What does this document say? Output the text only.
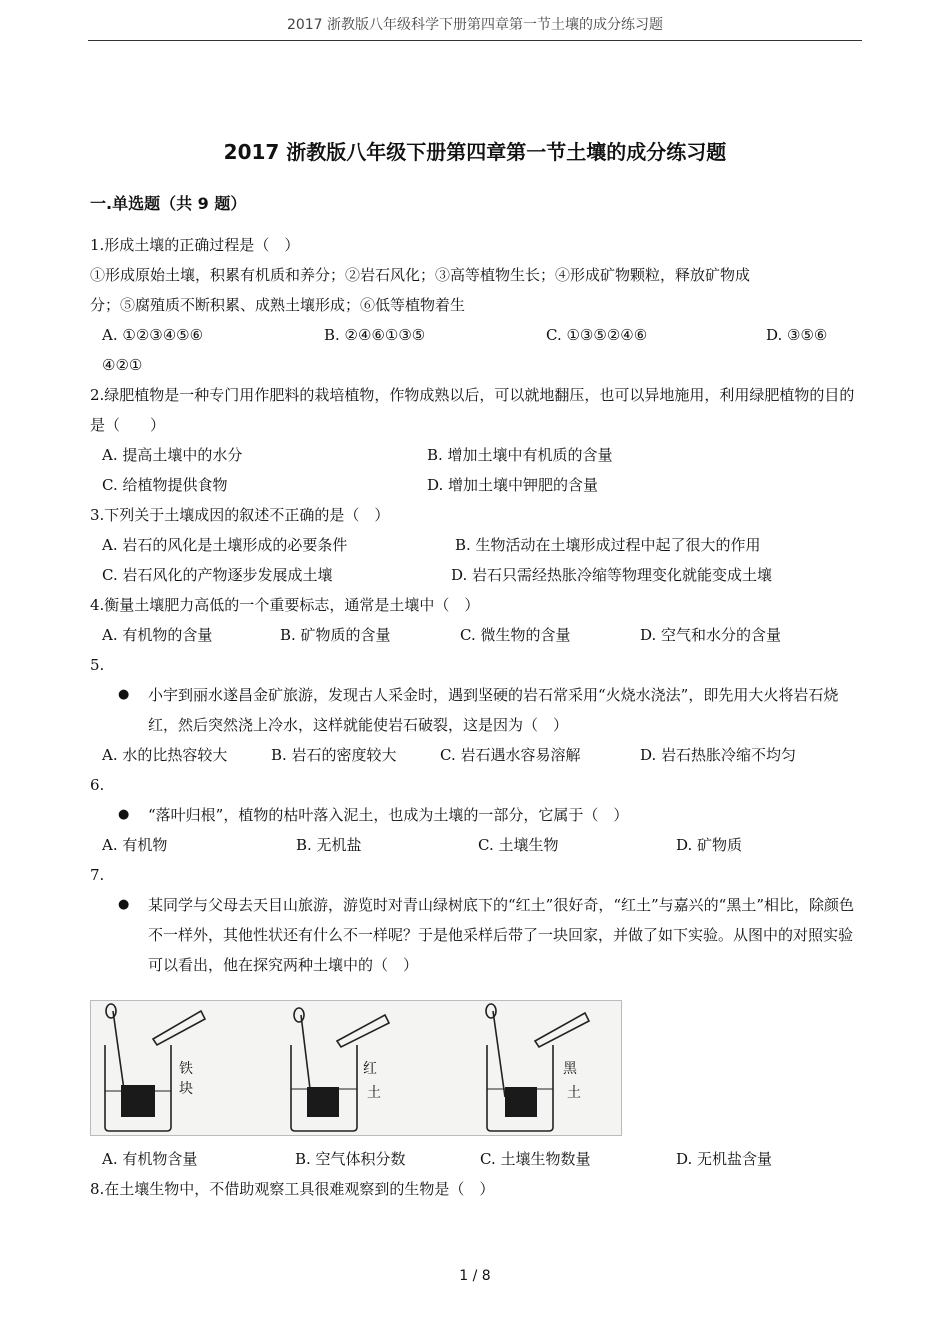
2017 浙教版八年级科学下册第四章第一节土壤的成分练习题
2017 浙教版八年级下册第四章第一节土壤的成分练习题
一.单选题（共 9 题）
1.形成土壤的正确过程是（　）
①形成原始土壤，积累有机质和养分；②岩石风化；③高等植物生长；④形成矿物颗粒，释放矿物成
分；⑤腐殖质不断积累、成熟土壤形成；⑥低等植物着生
A. ①②③④⑤⑥	B. ②④⑥①③⑤	C. ①③⑤②④⑥	D. ③⑤⑥
④②①
2.绿肥植物是一种专门用作肥料的栽培植物，作物成熟以后，可以就地翻压，也可以异地施用，利用绿肥植物的目的是（　　）
A. 提高土壤中的水分	B. 增加土壤中有机质的含量
C. 给植物提供食物	D. 增加土壤中钾肥的含量
3.下列关于土壤成因的叙述不正确的是（　）
A. 岩石的风化是土壤形成的必要条件	B. 生物活动在土壤形成过程中起了很大的作用
C. 岩石风化的产物逐步发展成土壤	D. 岩石只需经热胀冷缩等物理变化就能变成土壤
4.衡量土壤肥力高低的一个重要标志，通常是土壤中（　）
A. 有机物的含量	B. 矿物质的含量	C. 微生物的含量	D. 空气和水分的含量
5.
● 小宇到丽水遂昌金矿旅游，发现古人采金时，遇到坚硬的岩石常采用“火烧水浇法”，即先用大火将岩石烧红，然后突然浇上冷水，这样就能使岩石破裂，这是因为（　）
A. 水的比热容较大	B. 岩石的密度较大	C. 岩石遇水容易溶解	D. 岩石热胀冷缩不均匀
6.
● “落叶归根”，植物的枯叶落入泥土，也成为土壤的一部分，它属于（　）
A. 有机物	B. 无机盐	C. 土壤生物	D. 矿物质
7.
● 某同学与父母去天目山旅游，游览时对青山绿树底下的“红土”很好奇，“红土”与嘉兴的“黑土”相比，除颜色不一样外，其他性状还有什么不一样呢？于是他采样后带了一块回家，并做了如下实验。从图中的对照实验可以看出，他在探究两种土壤中的（　）
铁
块
红
土
黑
土
A. 有机物含量	B. 空气体积分数	C. 土壤生物数量	D. 无机盐含量
8.在土壤生物中，不借助观察工具很难观察到的生物是（　）
1 / 8
